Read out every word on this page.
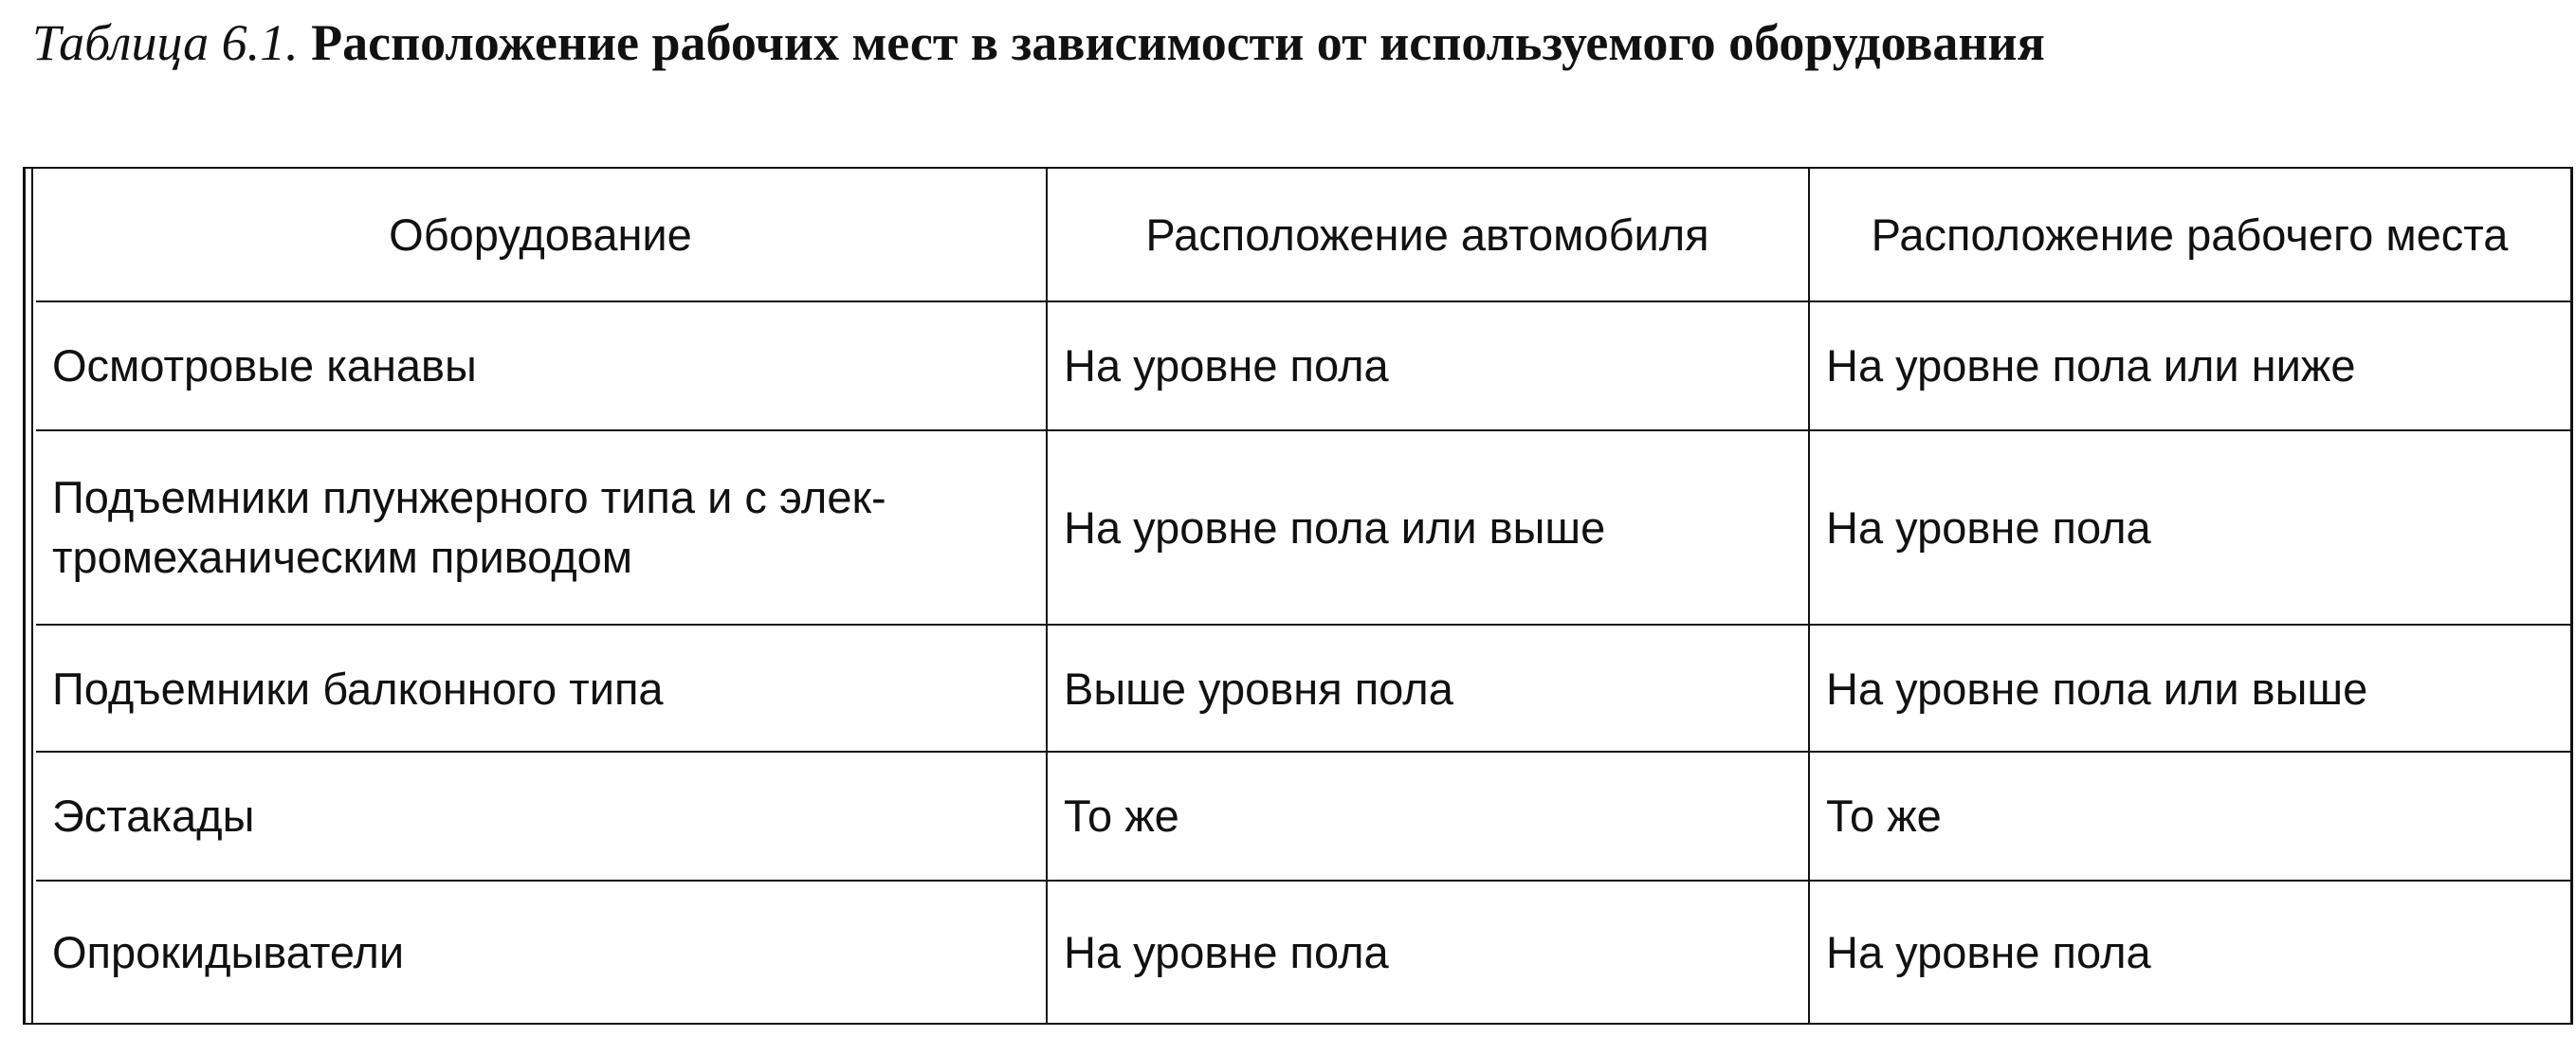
Таблица 6.1. Расположение рабочих мест в зависимости от используемого оборудования
Оборудование	Расположение автомобиля	Расположение рабочего места

Осмотровые канавы	На уровне пола	На уровне пола или ниже

Подъемники плунжерного типа и с элек-
тромеханическим приводом	На уровне пола или выше	На уровне пола

Подъемники балконного типа	Выше уровня пола	На уровне пола или выше

Эстакады	То же	То же

Опрокидыватели	На уровне пола	На уровне пола
